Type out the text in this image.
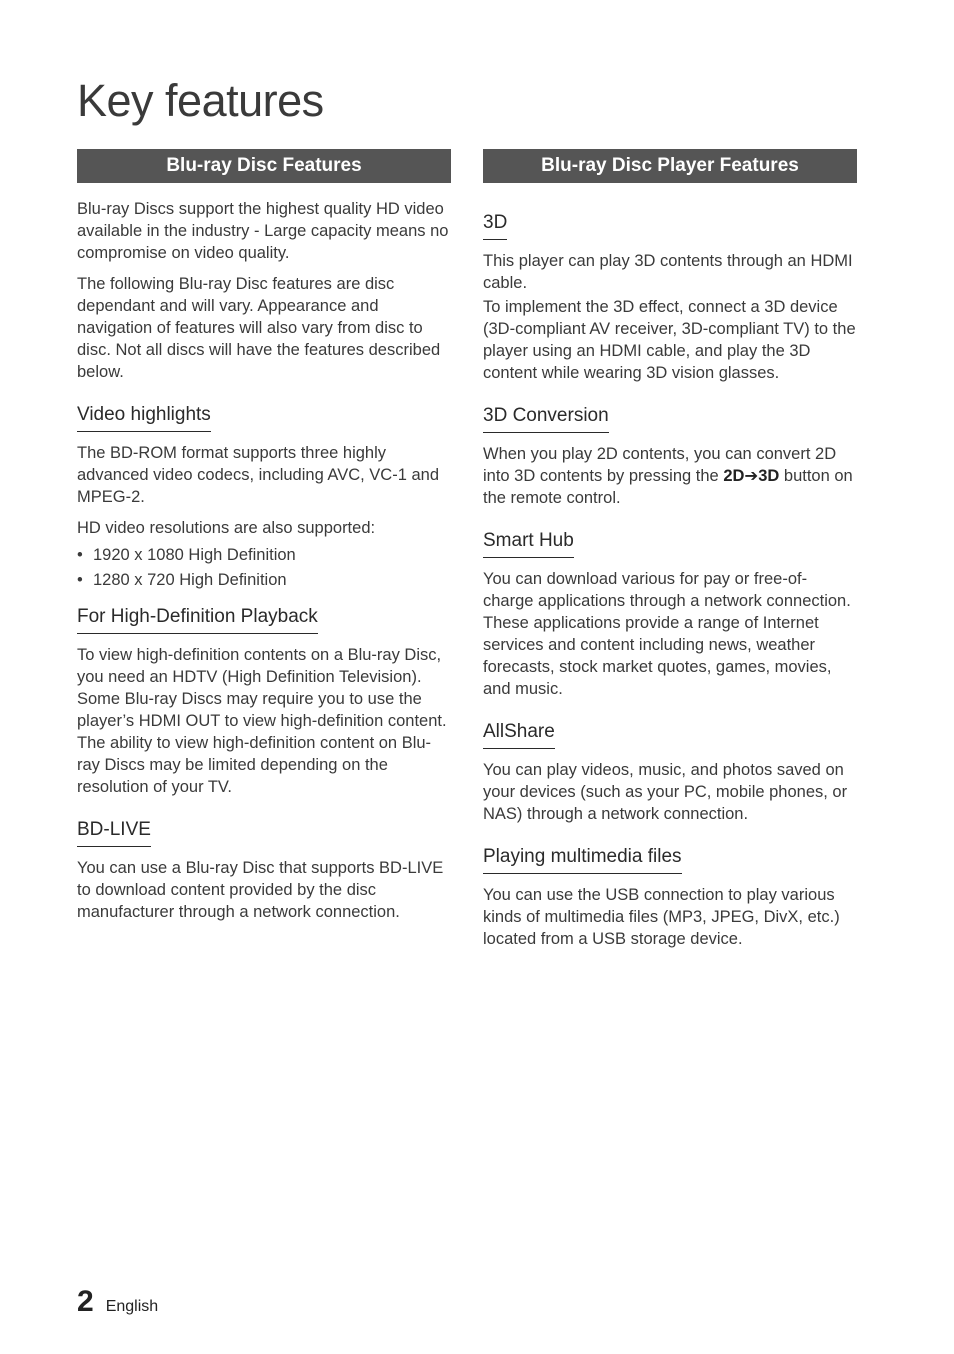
Key features
Blu-ray Disc Features

Blu-ray Discs support the highest quality HD video available in the industry - Large capacity means no compromise on video quality.

The following Blu-ray Disc features are disc dependant and will vary. Appearance and navigation of features will also vary from disc to disc. Not all discs will have the features described below.

Video highlights

The BD-ROM format supports three highly advanced video codecs, including AVC, VC-1 and MPEG-2.

HD video resolutions are also supported:

• 1920 x 1080 High Definition
• 1280 x 720 High Definition
For High-Definition Playback

To view high-definition contents on a Blu-ray Disc, you need an HDTV (High Definition Television). Some Blu-ray Discs may require you to use the player’s HDMI OUT to view high-definition content. The ability to view high-definition content on Blu-ray Discs may be limited depending on the resolution of your TV.

BD-LIVE

You can use a Blu-ray Disc that supports BD-LIVE to download content provided by the disc manufacturer through a network connection.

Blu-ray Disc Player Features
3D

This player can play 3D contents through an HDMI cable.

To implement the 3D effect, connect a 3D device (3D-compliant AV receiver, 3D-compliant TV) to the player using an HDMI cable, and play the 3D content while wearing 3D vision glasses.

3D Conversion

When you play 2D contents, you can convert 2D into 3D contents by pressing the 2D➔3D button on the remote control.

Smart Hub

You can download various for pay or free-of-charge applications through a network connection. These applications provide a range of Internet services and content including news, weather forecasts, stock market quotes, games, movies, and music.

AllShare

You can play videos, music, and photos saved on your devices (such as your PC, mobile phones, or NAS) through a network connection.

Playing multimedia files

You can use the USB connection to play various kinds of multimedia files (MP3, JPEG, DivX, etc.) located from a USB storage device.

2 English
